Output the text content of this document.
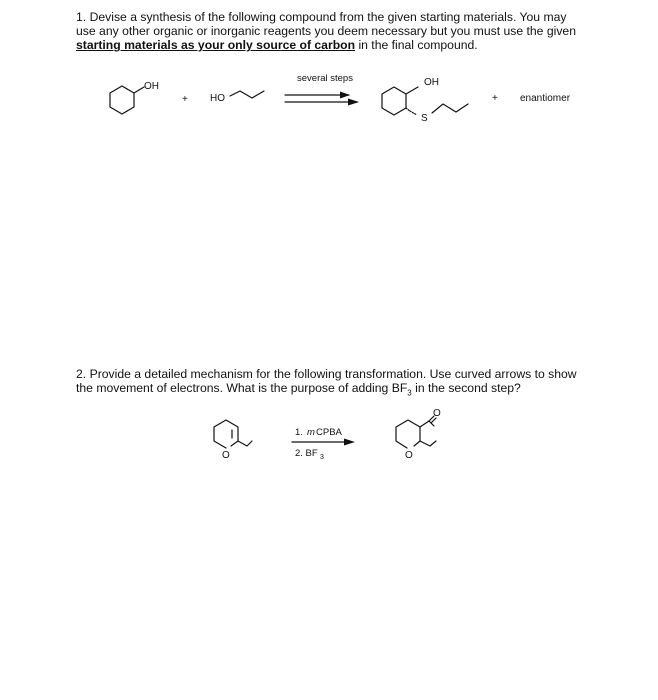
1. Devise a synthesis of the following compound from the given starting materials. You may use any other organic or inorganic reagents you deem necessary but you must use the given starting materials as your only source of carbon in the final compound.
OH
+ HO
several steps	OH
S
+ enantiomer
2. Provide a detailed mechanism for the following transformation. Use curved arrows to show the movement of electrons. What is the purpose of adding $BF_3$ in the second step?
O
1. m CPBA
2. BF 3	O
O
